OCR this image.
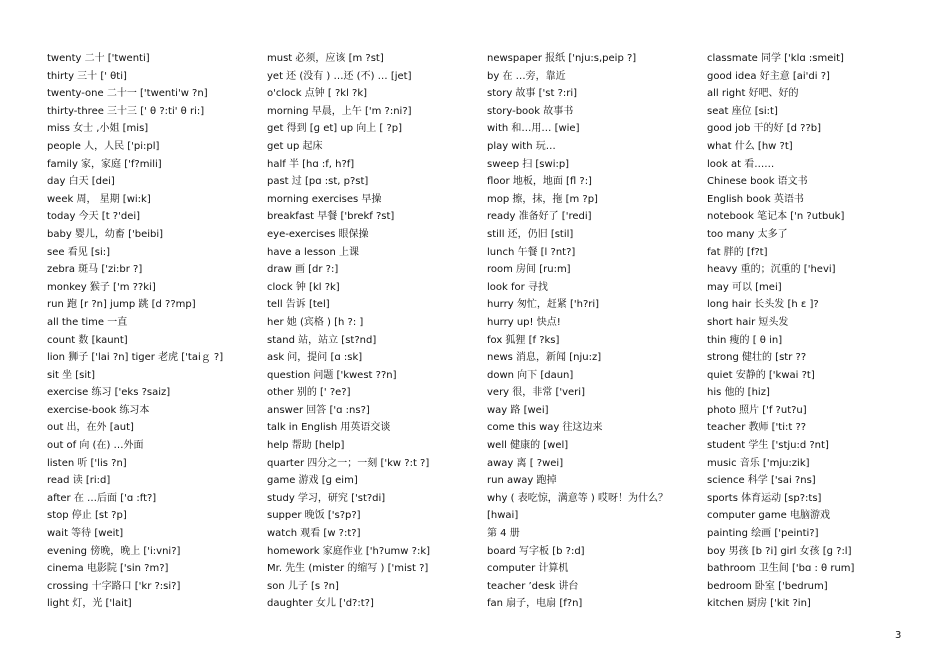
twenty 二十 ['twenti]
thirty 三十 [' θti]
twenty-one 二十一 ['twenti'w ?n]
thirty-three 三十三 [' θ ?:ti' θ ri:]
miss 女士 ,小姐 [mis]
people 人，人民 ['pi:pl]
family 家，家庭 ['f?mili]
day 白天 [dei]
week 周， 星期 [wi:k]
today 今天 [t ?'dei]
baby 婴儿，幼畜 ['beibi]
see 看见 [si:]
zebra 斑马 ['zi:br ?]
monkey 猴子 ['m ??ki]
run 跑 [r ?n] jump 跳 [d ??mp]
all the time 一直
count 数 [kaunt]
lion 狮子 ['lai ?n] tiger 老虎 ['taiｇ ?]
sit 坐 [sit]
exercise 练习 ['eks ?saiz]
exercise-book 练习本
out 出，在外 [aut]
out of 向 (在) …外面
listen 听 ['lis ?n]
read 读 [ri:d]
after 在 …后面 ['ɑ :ft?]
stop 停止 [st ?p]
wait 等待 [weit]
evening 傍晚，晚上 ['i:vni?]
cinema 电影院 ['sin ?m?]
crossing 十字路口 ['kr ?:si?]
light 灯，光 ['lait]
must 必须，应该 [m ?st]
yet 还 (没有 ) …还 (不) … [jet]
o'clock 点钟 [ ?kl ?k]
morning 早晨，上午 ['m ?:ni?]
get 得到 [ɡ et] up 向上 [ ?p]
get up 起床
half 半 [hɑ :f, h?f]
past 过 [pɑ :st, p?st]
morning exercises 早操
breakfast 早餐 ['brekf ?st]
eye-exercises 眼保操
have a lesson 上课
draw 画 [dr ?:]
clock 钟 [kl ?k]
tell 告诉 [tel]
her 她 (宾格 ) [h ?: ]
stand 站，站立 [st?nd]
ask 问，提问 [ɑ :sk]
question 问题 ['kwest ??n]
other 别的 [' ?e?]
answer 回答 ['ɑ :ns?]
talk in English 用英语交谈
help 帮助 [help]
quarter 四分之一；一刻 ['kw ?:t ?]
game 游戏 [ɡ eim]
study 学习，研究 ['st?di]
supper 晚饭 ['s?p?]
watch 观看 [w ?:t?]
homework 家庭作业 ['h?umw ?:k]
Mr. 先生 (mister 的缩写 ) ['mist ?]
son 儿子 [s ?n]
daughter 女儿 ['d?:t?]
newspaper 报纸 ['nju:s,peip ?]
by 在 …旁，靠近
story 故事 ['st ?:ri]
story-book 故事书
with 和…用… [wie]
play with 玩…
sweep 扫 [swi:p]
floor 地板，地面 [fl ?:]
mop 擦，抹，拖 [m ?p]
ready 准备好了 ['redi]
still 还，仍旧 [stil]
lunch 午餐 [l ?nt?]
room 房间 [ru:m]
look for 寻找
hurry 匆忙，赶紧 ['h?ri]
hurry up! 快点!
fox 狐狸 [f ?ks]
news 消息，新闻 [nju:z]
down 向下 [daun]
very 很，非常 ['veri]
way 路 [wei]
come this way 往这边来
well 健康的 [wel]
away 离 [ ?wei]
run away 跑掉
why ( 表吃惊，满意等 ) 哎呀！为什么？
[hwai]
第 4 册
board 写字板 [b ?:d]
computer 计算机
teacher ’desk 讲台
fan 扇子，电扇 [f?n]
classmate 同学 ['klɑ :smeit]
good idea 好主意 [ai'di ?]
all right 好吧、好的
seat 座位 [si:t]
good job 干的好 [d ??b]
what 什么 [hw ?t]
look at 看……
Chinese book 语文书
English book 英语书
notebook 笔记本 ['n ?utbuk]
too many 太多了
fat 胖的 [f?t]
heavy 重的；沉重的 ['hevi]
may 可以 [mei]
long hair 长头发 [h ε ]?
short hair 短头发
thin 瘦的 [ θ in]
strong 健壮的 [str ??
quiet 安静的 ['kwai ?t]
his 他的 [hiz]
photo 照片 ['f ?ut?u]
teacher 教师 ['ti:t ??
student 学生 ['stju:d ?nt]
music 音乐 ['mju:zik]
science 科学 ['sai ?ns]
sports 体育运动 [sp?:ts]
computer game 电脑游戏
painting 绘画 ['peinti?]
boy 男孩 [b ?i] girl 女孩 [ɡ ?:l]
bathroom 卫生间 ['bɑ : θ rum]
bedroom 卧室 ['bedrum]
kitchen 厨房 ['kit ?in]
3
